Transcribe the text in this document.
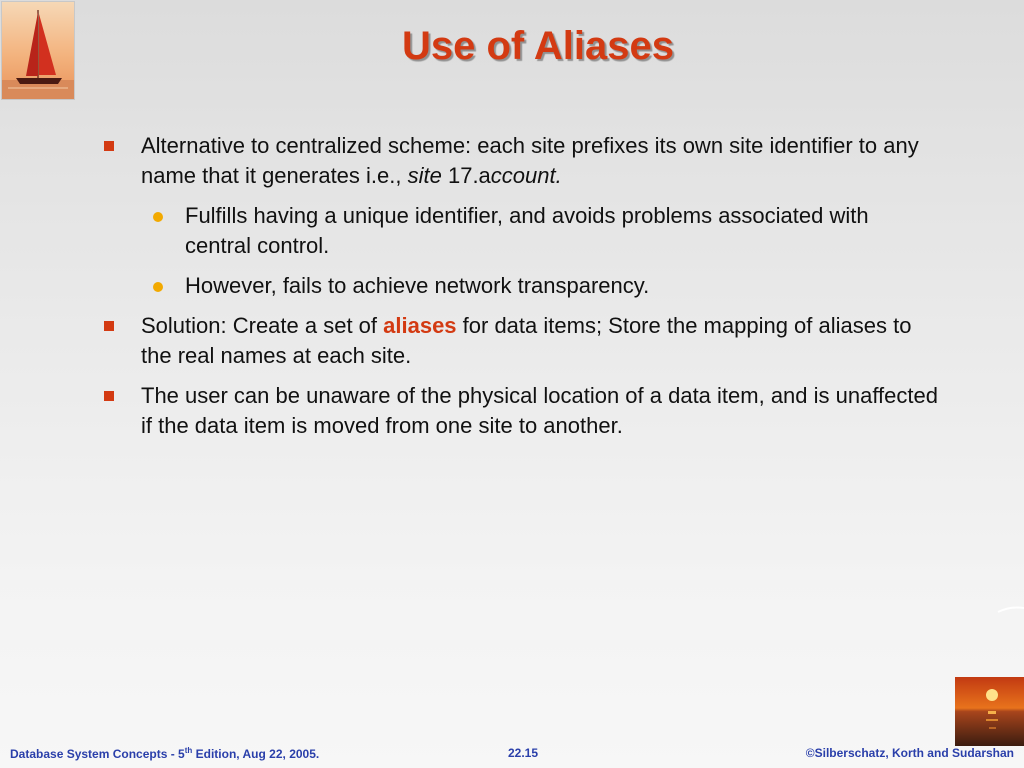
Use of Aliases
Alternative to centralized scheme: each site prefixes its own site identifier to any name that it generates i.e., site 17.account.
Fulfills having a unique identifier, and avoids problems associated with central control.
However, fails to achieve network transparency.
Solution: Create a set of aliases for data items; Store the mapping of aliases to the real names at each site.
The user can be unaware of the physical location of a data item, and is unaffected if the data item is moved from one site to another.
Database System Concepts - 5th Edition, Aug 22, 2005.	22.15	©Silberschatz, Korth and Sudarshan
